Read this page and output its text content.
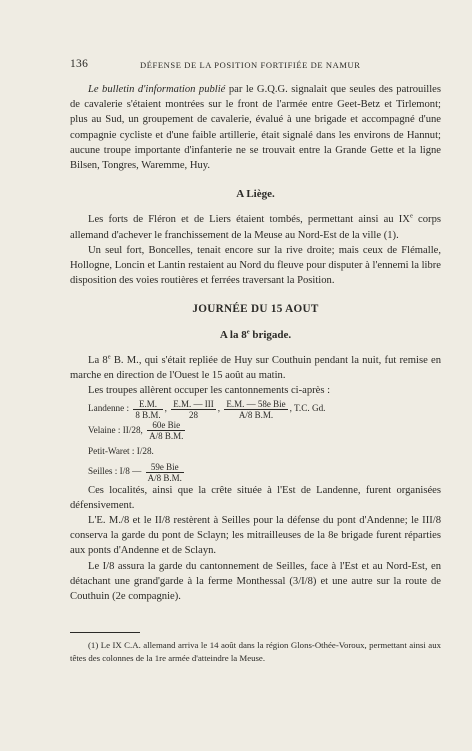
136	DÉFENSE DE LA POSITION FORTIFIÉE DE NAMUR

Le bulletin d'information publié par le G.Q.G. signalait que seules des patrouilles de cavalerie s'étaient montrées sur le front de l'armée entre Geet-Betz et Tirlemont; plus au Sud, un groupement de cavalerie, évalué à une brigade et accompagné d'une compagnie cycliste et d'une faible artillerie, était signalé dans les environs de Hannut; aucune troupe importante d'infanterie ne se trouvait entre la Grande Gette et la ligne Bilsen, Tongres, Waremme, Huy.

A Liège.

Les forts de Fléron et de Liers étaient tombés, permettant ainsi au IXe corps allemand d'achever le franchissement de la Meuse au Nord-Est de la ville (1).

Un seul fort, Boncelles, tenait encore sur la rive droite; mais ceux de Flémalle, Hollogne, Loncin et Lantin restaient au Nord du fleuve pour disputer à l'ennemi la libre disposition des voies routières et ferrées traversant la Position.

JOURNÉE DU 15 AOUT

A la 8e brigade.

La 8e B. M., qui s'était repliée de Huy sur Couthuin pendant la nuit, fut remise en marche en direction de l'Ouest le 15 août au matin.

Les troupes allèrent occuper les cantonnements ci-après :

Landenne : $\frac{E.M.}{8 B.M.}$ , $\frac{\text{E.M. — III}}{28}$ , $\frac{\text{E.M. — 58e Bie}}{A/8 B.M.}$ , T.C. Gd.
Velaine : II/28, $\frac{\text{60e Bie}}{A/8 B.M.}$
Petit-Waret : I/28.
Seilles : I/8 — $\frac{\text{59e Bie}}{A/8 B.M.}$

Ces localités, ainsi que la crête située à l'Est de Landenne, furent organisées défensivement.

L'E. M./8 et le II/8 restèrent à Seilles pour la défense du pont d'Andenne; le III/8 conserva la garde du pont de Sclayn; les mitrailleuses de la 8e brigade furent réparties aux ponts d'Andenne et de Sclayn.

Le I/8 assura la garde du cantonnement de Seilles, face à l'Est et au Nord-Est, en détachant une grand'garde à la ferme Monthessal (3/I/8) et une autre sur la route de Couthuin (2e compagnie).

(1) Le IX C.A. allemand arriva le 14 août dans la région Glons-Othée-Voroux, permettant ainsi aux têtes des colonnes de la 1re armée d'atteindre la Meuse.
